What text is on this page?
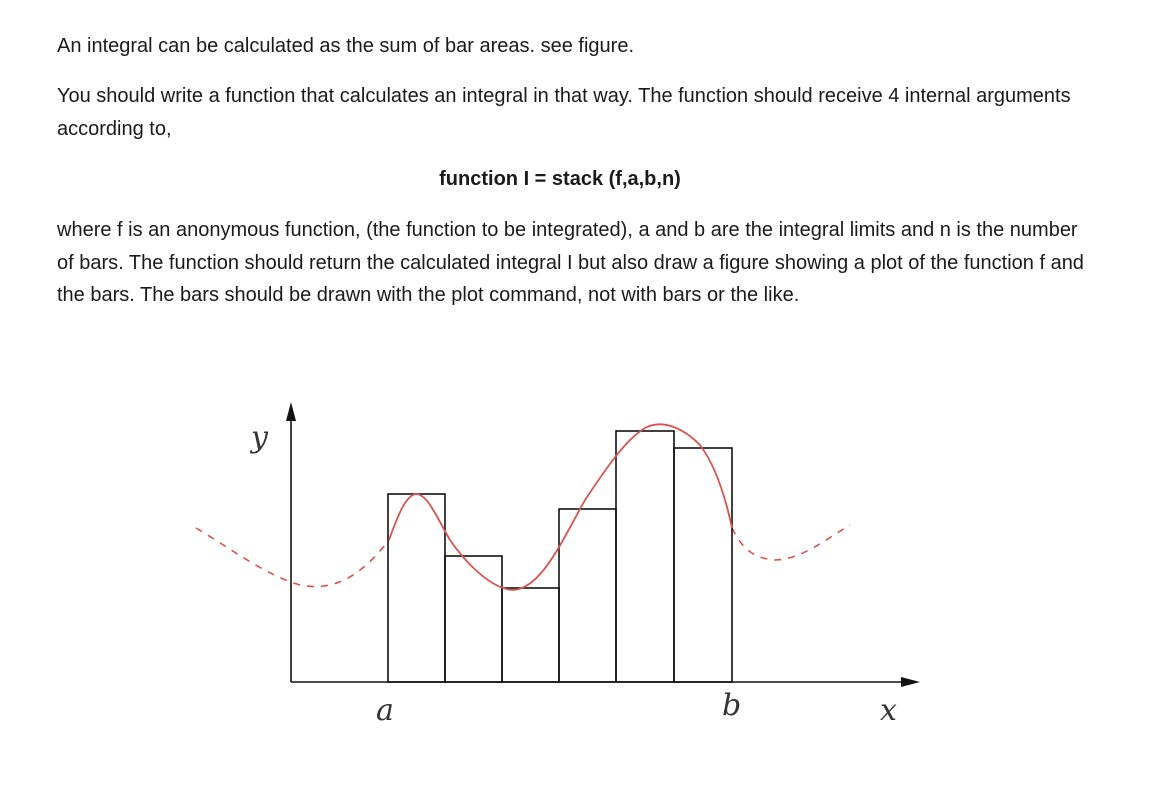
An integral can be calculated as the sum of bar areas. see figure.

You should write a function that calculates an integral in that way. The function should receive 4 internal arguments according to,

function I = stack (f,a,b,n)

where f is an anonymous function, (the function to be integrated), a and b are the integral limits and n is the number of bars. The function should return the calculated integral I but also draw a figure showing a plot of the function f and the bars. The bars should be drawn with the plot command, not with bars or the like.

y
x
a	b
